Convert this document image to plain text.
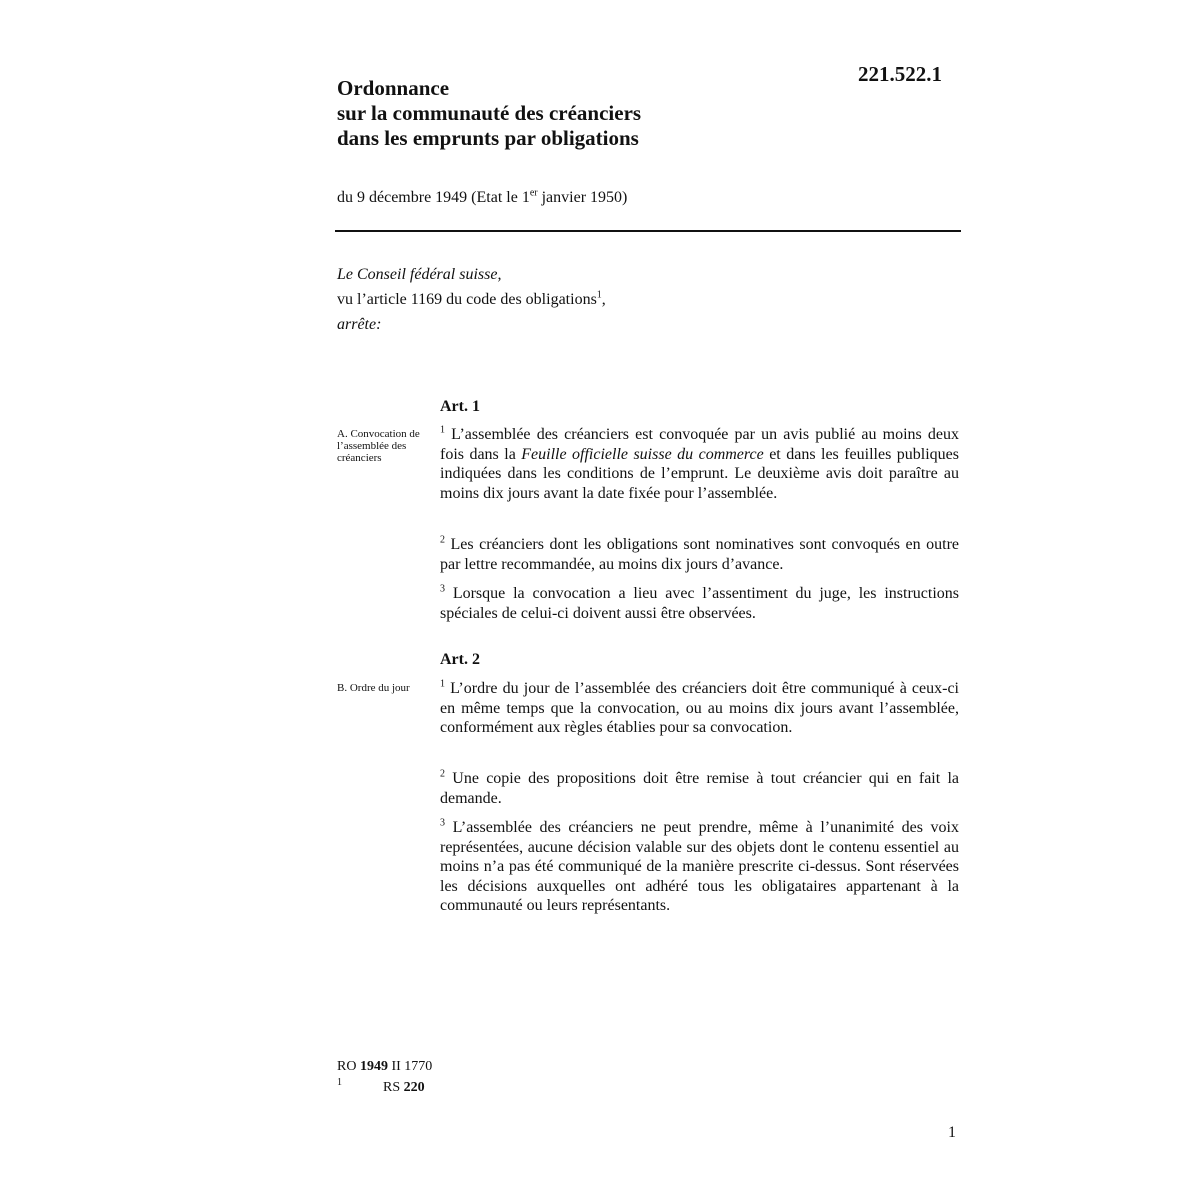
Ordonnance
sur la communauté des créanciers
dans les emprunts par obligations
221.522.1
du 9 décembre 1949 (Etat le 1er janvier 1950)
Le Conseil fédéral suisse,
vu l’article 1169 du code des obligations$^1$,
arrête:
Art. 1
A. Convocation de l’assemblée des créanciers
$^1$ L’assemblée des créanciers est convoquée par un avis publié au moins deux fois dans la Feuille officielle suisse du commerce et dans les feuilles publiques indiquées dans les conditions de l’emprunt. Le deuxième avis doit paraître au moins dix jours avant la date fixée pour l’assemblée.
$^2$ Les créanciers dont les obligations sont nominatives sont convoqués en outre par lettre recommandée, au moins dix jours d’avance.
$^3$ Lorsque la convocation a lieu avec l’assentiment du juge, les instructions spéciales de celui-ci doivent aussi être observées.
Art. 2
B. Ordre du jour	$^1$ L’ordre du jour de l’assemblée des créanciers doit être communiqué à ceux-ci en même temps que la convocation, ou au moins dix jours avant l’assemblée, conformément aux règles établies pour sa convocation.
$^2$ Une copie des propositions doit être remise à tout créancier qui en fait la demande.
$^3$ L’assemblée des créanciers ne peut prendre, même à l’unanimité des voix représentées, aucune décision valable sur des objets dont le contenu essentiel au moins n’a pas été communiqué de la manière prescrite ci-dessus. Sont réservées les décisions auxquelles ont adhéré tous les obligataires appartenant à la communauté ou leurs représentants.
RO 1949 II 1770
$^1$	RS 220
1
